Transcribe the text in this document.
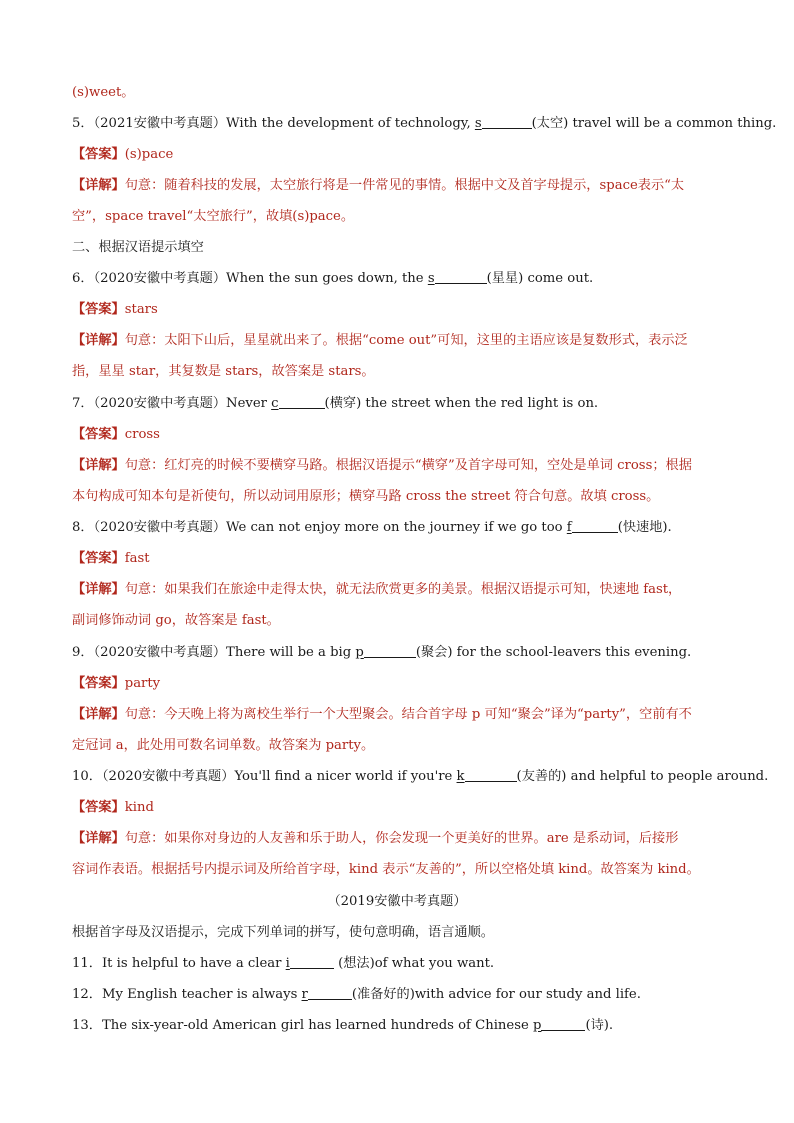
(s)weet。
5．（2021安徽中考真题）With the development of technology, s	(太空) travel will be a common thing.
【答案】(s)pace
【详解】句意：随着科技的发展，太空旅行将是一件常见的事情。根据中文及首字母提示，space表示“太
空”，space travel“太空旅行”，故填(s)pace。
二、根据汉语提示填空
6．（2020安徽中考真题）When the sun goes down, the s	(星星) come out.
【答案】stars
【详解】句意：太阳下山后，星星就出来了。根据“come out”可知，这里的主语应该是复数形式，表示泛
指，星星 star，其复数是 stars，故答案是 stars。
7．（2020安徽中考真题）Never c	(横穿) the street when the red light is on.
【答案】cross
【详解】句意：红灯亮的时候不要横穿马路。根据汉语提示“横穿”及首字母可知，空处是单词 cross；根据
本句构成可知本句是祈使句，所以动词用原形；横穿马路 cross the street 符合句意。故填 cross。
8．（2020安徽中考真题）We can not enjoy more on the journey if we go too f	(快速地).
【答案】fast
【详解】句意：如果我们在旅途中走得太快，就无法欣赏更多的美景。根据汉语提示可知，快速地 fast，
副词修饰动词 go，故答案是 fast。
9．（2020安徽中考真题）There will be a big p	(聚会) for the school-leavers this evening.
【答案】party
【详解】句意：今天晚上将为离校生举行一个大型聚会。结合首字母 p 可知“聚会”译为“party”，空前有不
定冠词 a，此处用可数名词单数。故答案为 party。
10．（2020安徽中考真题）You'll find a nicer world if you're k	(友善的) and helpful to people around.
【答案】kind
【详解】句意：如果你对身边的人友善和乐于助人，你会发现一个更美好的世界。are 是系动词，后接形
容词作表语。根据括号内提示词及所给首字母，kind 表示“友善的”，所以空格处填 kind。故答案为 kind。
（2019安徽中考真题）
根据首字母及汉语提示，完成下列单词的拼写，使句意明确，语言通顺。
11．It is helpful to have a clear i	(想法)of what you want.
12．My English teacher is always r	(准备好的)with advice for our study and life.
13．The six-year-old American girl has learned hundreds of Chinese p	(诗).
